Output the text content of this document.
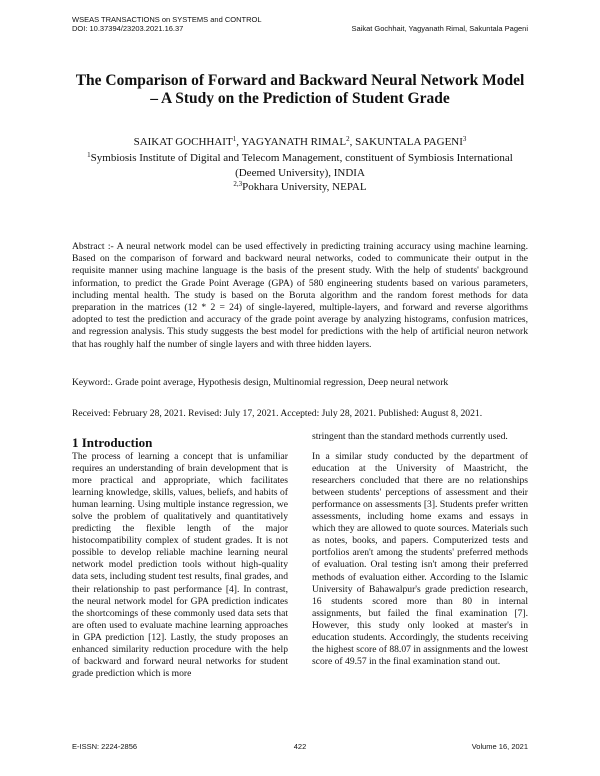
WSEAS TRANSACTIONS on SYSTEMS and CONTROL
DOI: 10.37394/23203.2021.16.37	Saikat Gochhait, Yagyanath Rimal, Sakuntala Pageni
The Comparison of Forward and Backward Neural Network Model
– A Study on the Prediction of Student Grade
SAIKAT GOCHHAIT$^1$, YAGYANATH RIMAL$^2$, SAKUNTALA PAGENI$^3$
$^1$Symbiosis Institute of Digital and Telecom Management, constituent of Symbiosis International
(Deemed University), INDIA
$^{2,3}$Pokhara University, NEPAL
Abstract :- A neural network model can be used effectively in predicting training accuracy using machine learning. Based on the comparison of forward and backward neural networks, coded to communicate their output in the requisite manner using machine language is the basis of the present study. With the help of students' background information, to predict the Grade Point Average (GPA) of 580 engineering students based on various parameters, including mental health. The study is based on the Boruta algorithm and the random forest methods for data preparation in the matrices (12 * 2 = 24) of single-layered, multiple-layers, and forward and reverse algorithms adopted to test the prediction and accuracy of the grade point average by analyzing histograms, confusion matrices, and regression analysis. This study suggests the best model for predictions with the help of artificial neuron network that has roughly half the number of single layers and with three hidden layers.
Keyword:. Grade point average, Hypothesis design, Multinomial regression, Deep neural network
Received: February 28, 2021. Revised: July 17, 2021. Accepted: July 28, 2021. Published: August 8, 2021.
1 Introduction

The process of learning a concept that is unfamiliar requires an understanding of brain development that is more practical and appropriate, which facilitates learning knowledge, skills, values, beliefs, and habits of human learning. Using multiple instance regression, we solve the problem of qualitatively and quantitatively predicting the flexible length of the major histocompatibility complex of student grades. It is not possible to develop reliable machine learning neural network model prediction tools without high-quality data sets, including student test results, final grades, and their relationship to past performance [4]. In contrast, the neural network model for GPA prediction indicates the shortcomings of these commonly used data sets that are often used to evaluate machine learning approaches in GPA prediction [12]. Lastly, the study proposes an enhanced similarity reduction procedure with the help of backward and forward neural networks for student grade prediction which is more

stringent than the standard methods currently used.

In a similar study conducted by the department of education at the University of Maastricht, the researchers concluded that there are no relationships between students' perceptions of assessment and their performance on assessments [3]. Students prefer written assessments, including home exams and essays in which they are allowed to quote sources. Materials such as notes, books, and papers. Computerized tests and portfolios aren't among the students' preferred methods of evaluation. Oral testing isn't among their preferred methods of evaluation either. According to the Islamic University of Bahawalpur's grade prediction research, 16 students scored more than 80 in internal assignments, but failed the final examination [7]. However, this study only looked at master's in education students. Accordingly, the students receiving the highest score of 88.07 in assignments and the lowest score of 49.57 in the final examination stand out.

E-ISSN: 2224-2856	422	Volume 16, 2021
